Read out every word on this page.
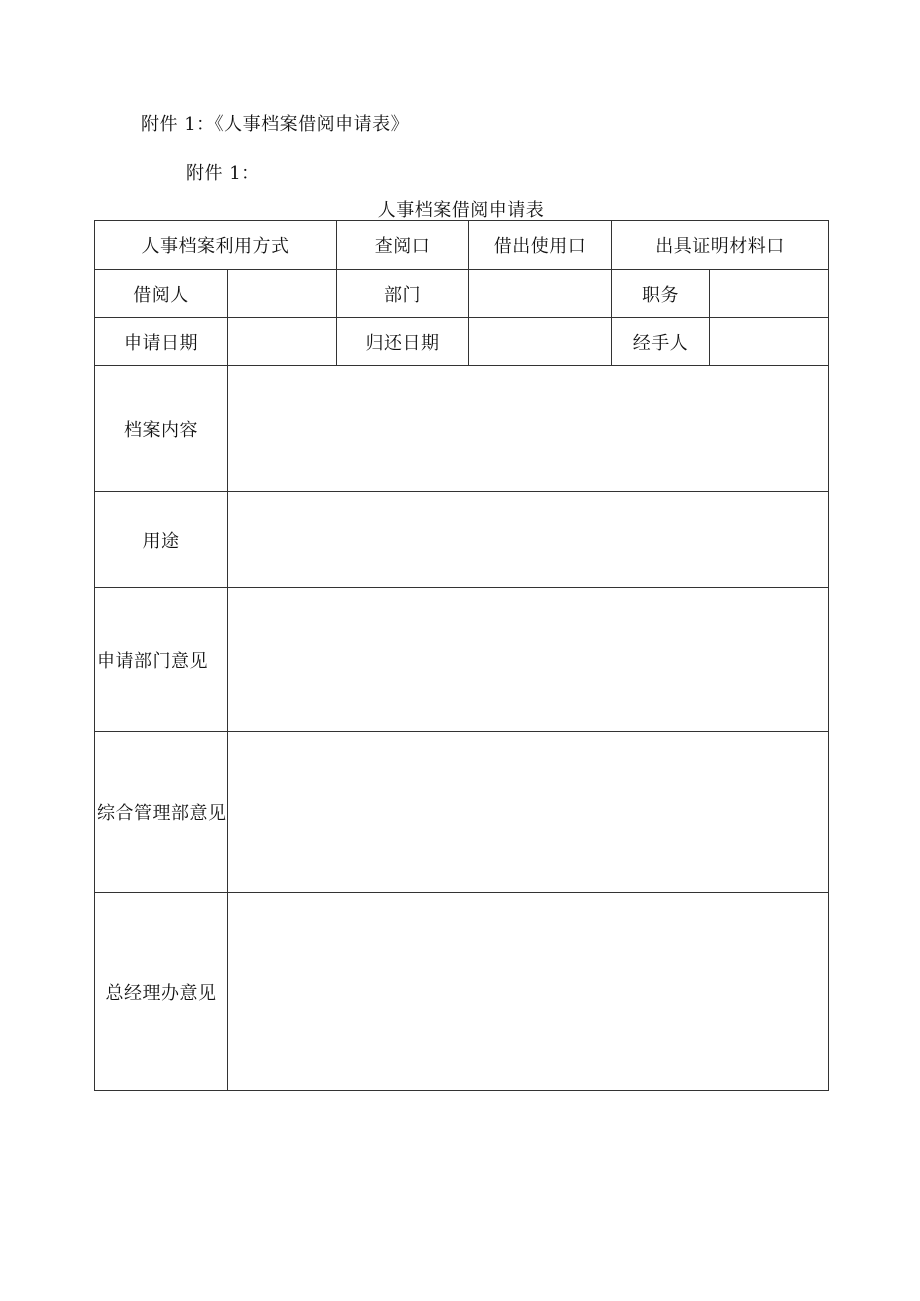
附件 1：《人事档案借阅申请表》
附件 1：
人事档案借阅申请表
人事档案利用方式		查阅口	借出使用口	出具证明材料口	
借阅人		部门		职务	
申请日期		归还日期		经手人	
档案内容					
用途					
申请部门意见					
综合管理部意见					
总经理办意见					
